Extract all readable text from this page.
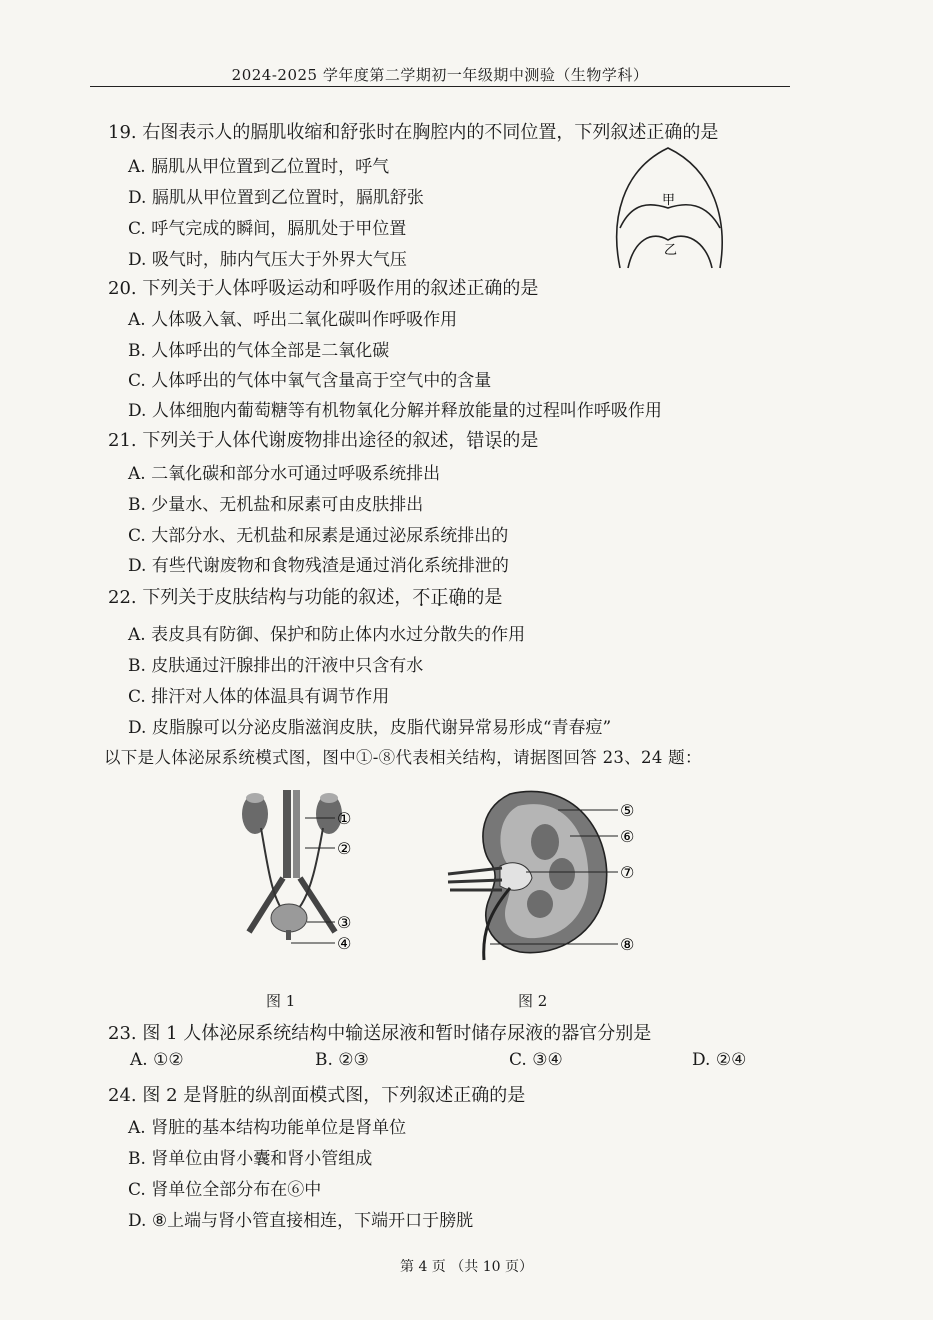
2024-2025 学年度第二学期初一年级期中测验（生物学科）
19. 右图表示人的膈肌收缩和舒张时在胸腔内的不同位置，下列叙述正确的是
A. 膈肌从甲位置到乙位置时，呼气
D. 膈肌从甲位置到乙位置时，膈肌舒张
C. 呼气完成的瞬间，膈肌处于甲位置
D. 吸气时，肺内气压大于外界大气压
甲
乙
20. 下列关于人体呼吸运动和呼吸作用的叙述正确的是
A. 人体吸入氧、呼出二氧化碳叫作呼吸作用
B. 人体呼出的气体全部是二氧化碳
C. 人体呼出的气体中氧气含量高于空气中的含量
D. 人体细胞内葡萄糖等有机物氧化分解并释放能量的过程叫作呼吸作用
21. 下列关于人体代谢废物排出途径的叙述，错误的是
A. 二氧化碳和部分水可通过呼吸系统排出
B. 少量水、无机盐和尿素可由皮肤排出
C. 大部分水、无机盐和尿素是通过泌尿系统排出的
D. 有些代谢废物和食物残渣是通过消化系统排泄的
22. 下列关于皮肤结构与功能的叙述，不正确的是
A. 表皮具有防御、保护和防止体内水过分散失的作用
B. 皮肤通过汗腺排出的汗液中只含有水
C. 排汗对人体的体温具有调节作用
D. 皮脂腺可以分泌皮脂滋润皮肤，皮脂代谢异常易形成“青春痘”
以下是人体泌尿系统模式图，图中①-⑧代表相关结构，请据图回答 23、24 题：
①
②
③
④
⑤
⑥
⑦
⑧
图 1	图 2
23. 图 1 人体泌尿系统结构中输送尿液和暂时储存尿液的器官分别是
A. ①②	B. ②③	C. ③④	D. ②④
24. 图 2 是肾脏的纵剖面模式图，下列叙述正确的是
A. 肾脏的基本结构功能单位是肾单位
B. 肾单位由肾小囊和肾小管组成
C. 肾单位全部分布在⑥中
D. ⑧上端与肾小管直接相连，下端开口于膀胱
第 4 页 （共 10 页）
